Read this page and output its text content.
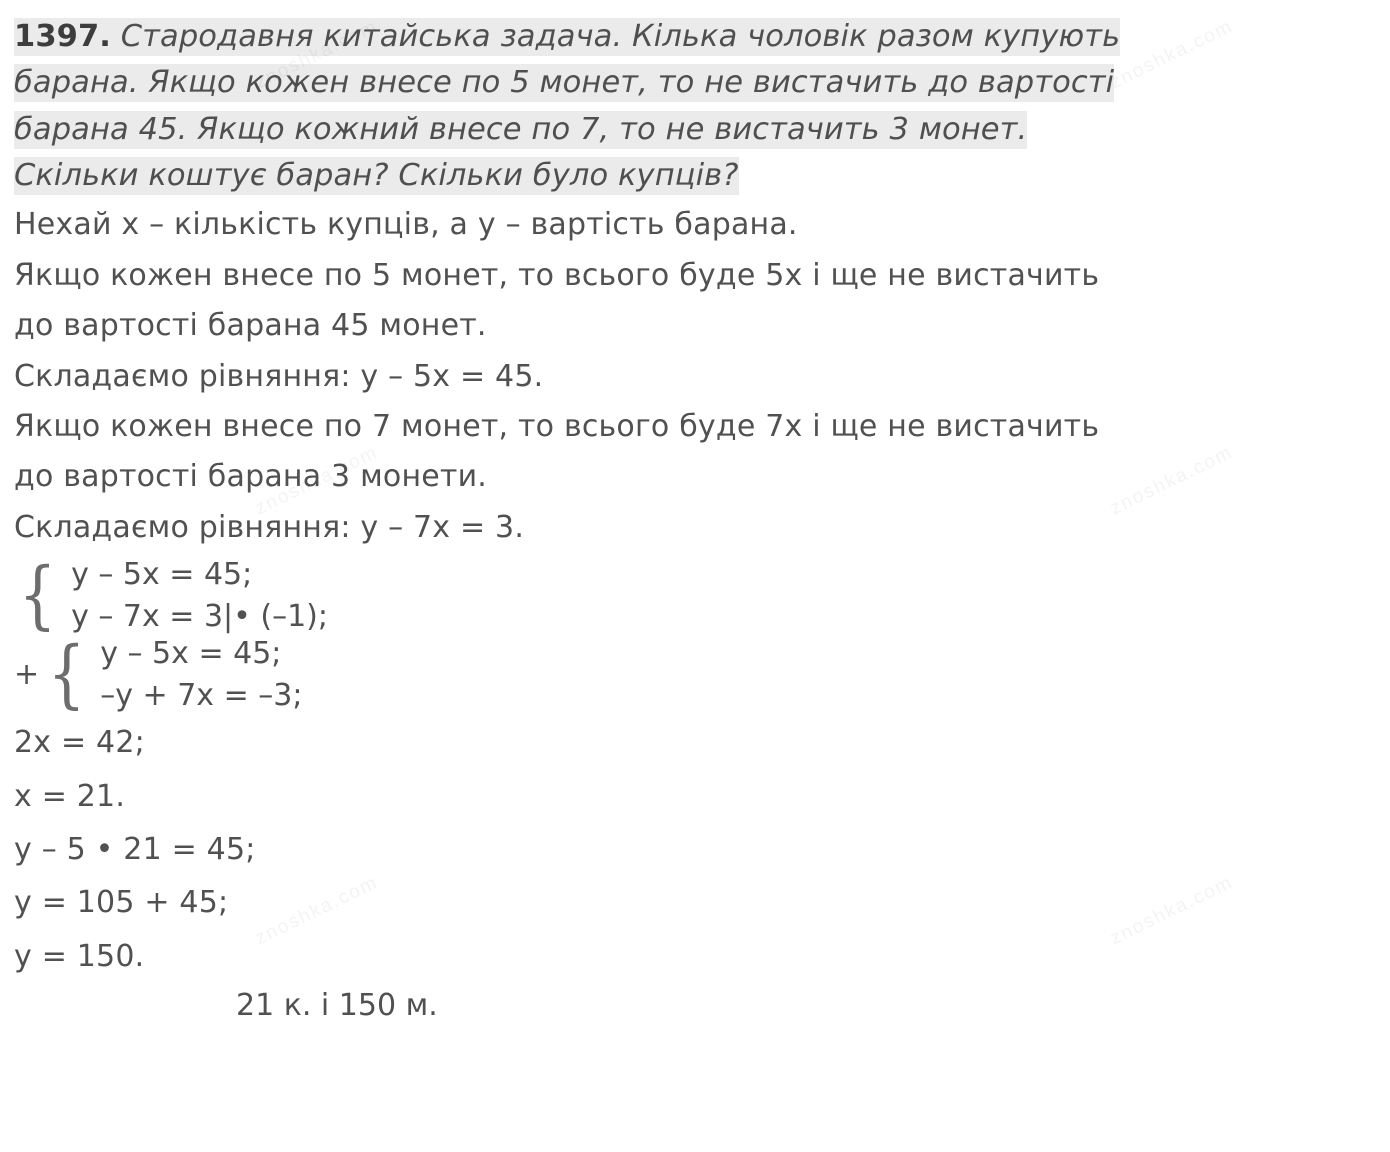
1397. Стародавня китайська задача. Кілька чоловік разом купують
барана. Якщо кожен внесе по 5 монет, то не вистачить до вартості
барана 45. Якщо кожний внесе по 7, то не вистачить 3 монет.
Скільки коштує баран? Скільки було купців?

Нехай x – кількість купців, а y – вартість барана.

Якщо кожен внесе по 5 монет, то всього буде 5x і ще не вистачить

до вартості барана 45 монет.

Складаємо рівняння: y – 5x = 45.

Якщо кожен внесе по 7 монет, то всього буде 7x і ще не вистачить

до вартості барана 3 монети.

Складаємо рівняння: y – 7x = 3.

{ y – 5x = 45;
y – 7x = 3|• (–1);
+ { y – 5x = 45;
–y + 7x = –3;

2x = 42;

x = 21.

y – 5 • 21 = 45;

y = 105 + 45;

y = 150.

21 к. і 150 м.
